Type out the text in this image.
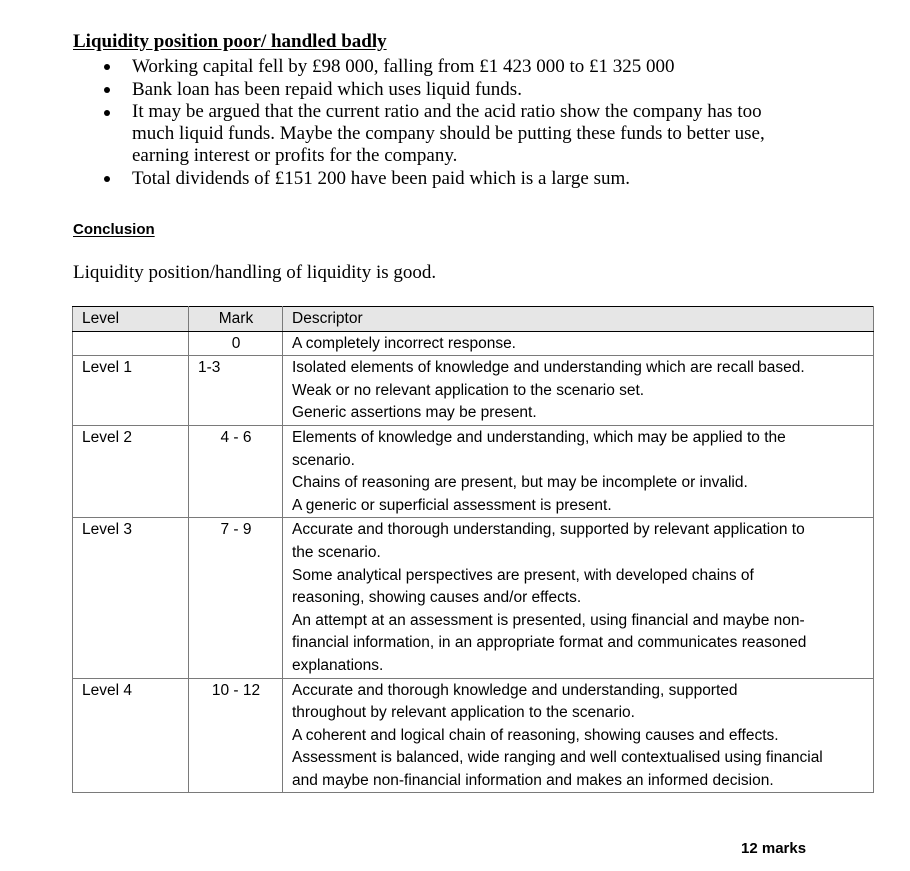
Liquidity position poor/ handled badly
Working capital fell by £98 000, falling from £1 423 000 to £1 325 000
Bank loan has been repaid which uses liquid funds.
It may be argued that the current ratio and the acid ratio show the company has too
much liquid funds. Maybe the company should be putting these funds to better use,
earning interest or profits for the company.
Total dividends of £151 200 have been paid which is a large sum.
Conclusion

Liquidity position/handling of liquidity is good.

Level	Mark	Descriptor
	0	A completely incorrect response.

Level 1	1-3	Isolated elements of knowledge and understanding which are recall based.
Weak or no relevant application to the scenario set.
Generic assertions may be present.

Level 2	4 - 6	Elements of knowledge and understanding, which may be applied to the
scenario.
Chains of reasoning are present, but may be incomplete or invalid.
A generic or superficial assessment is present.

Level 3	7 - 9	Accurate and thorough understanding, supported by relevant application to
the scenario.
Some analytical perspectives are present, with developed chains of
reasoning, showing causes and/or effects.
An attempt at an assessment is presented, using financial and maybe non-
financial information, in an appropriate format and communicates reasoned
explanations.

Level 4	10 - 12	Accurate and thorough knowledge and understanding, supported
throughout by relevant application to the scenario.
A coherent and logical chain of reasoning, showing causes and effects.
Assessment is balanced, wide ranging and well contextualised using financial
and maybe non-financial information and makes an informed decision.

12 marks
